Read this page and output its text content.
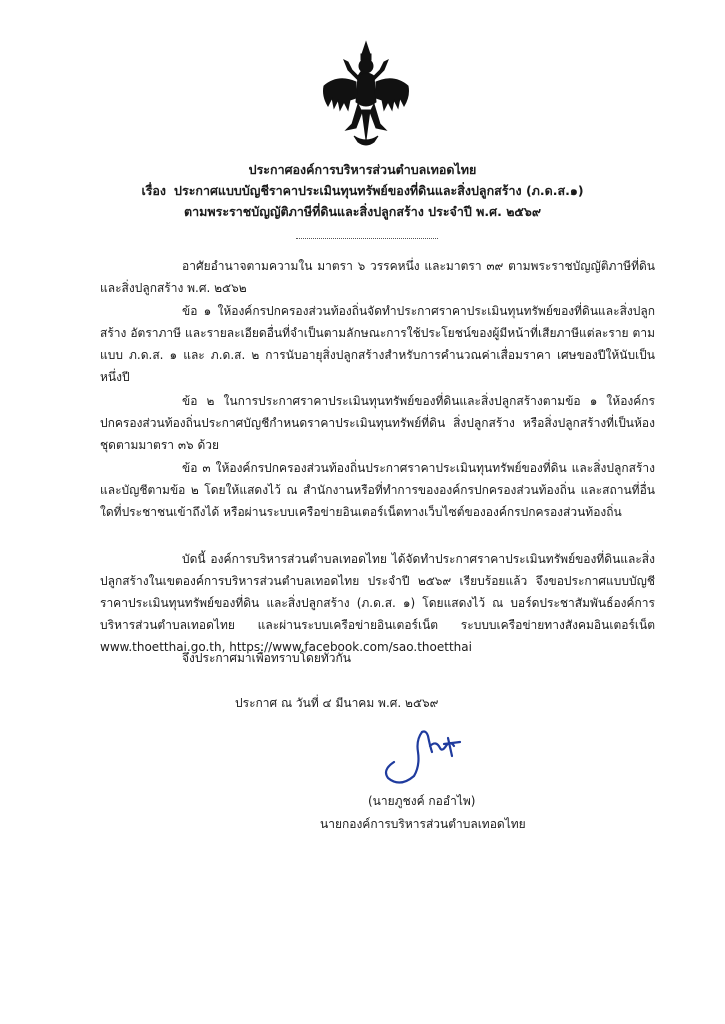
ประกาศองค์การบริหารส่วนตำบลเทอดไทย
เรื่อง ประกาศแบบบัญชีราคาประเมินทุนทรัพย์ของที่ดินและสิ่งปลูกสร้าง (ภ.ด.ส.๑)
ตามพระราชบัญญัติภาษีที่ดินและสิ่งปลูกสร้าง ประจำปี พ.ศ. ๒๕๖๙

อาศัยอำนาจตามความใน มาตรา ๖ วรรคหนึ่ง และมาตรา ๓๙ ตามพระราชบัญญัติภาษีที่ดินและสิ่งปลูกสร้าง พ.ศ. ๒๕๖๒

ข้อ ๑ ให้องค์กรปกครองส่วนท้องถิ่นจัดทำประกาศราคาประเมินทุนทรัพย์ของที่ดินและสิ่งปลูกสร้าง อัตราภาษี และรายละเอียดอื่นที่จำเป็นตามลักษณะการใช้ประโยชน์ของผู้มีหน้าที่เสียภาษีแต่ละราย ตามแบบ ภ.ด.ส. ๑ และ ภ.ด.ส. ๒ การนับอายุสิ่งปลูกสร้างสำหรับการคำนวณค่าเสื่อมราคา เศษของปีให้นับเป็นหนึ่งปี

ข้อ ๒ ในการประกาศราคาประเมินทุนทรัพย์ของที่ดินและสิ่งปลูกสร้างตามข้อ ๑ ให้องค์กรปกครองส่วนท้องถิ่นประกาศบัญชีกำหนดราคาประเมินทุนทรัพย์ที่ดิน สิ่งปลูกสร้าง หรือสิ่งปลูกสร้างที่เป็นห้องชุดตามมาตรา ๓๖ ด้วย

ข้อ ๓ ให้องค์กรปกครองส่วนท้องถิ่นประกาศราคาประเมินทุนทรัพย์ของที่ดิน และสิ่งปลูกสร้าง และบัญชีตามข้อ ๒ โดยให้แสดงไว้ ณ สำนักงานหรือที่ทำการขององค์กรปกครองส่วนท้องถิ่น และสถานที่อื่นใดที่ประชาชนเข้าถึงได้ หรือผ่านระบบเครือข่ายอินเตอร์เน็ตทางเว็บไซต์ขององค์กรปกครองส่วนท้องถิ่น

บัดนี้ องค์การบริหารส่วนตำบลเทอดไทย ได้จัดทำประกาศราคาประเมินทรัพย์ของที่ดินและสิ่งปลูกสร้างในเขตองค์การบริหารส่วนตำบลเทอดไทย ประจำปี ๒๕๖๙ เรียบร้อยแล้ว จึงขอประกาศแบบบัญชีราคาประเมินทุนทรัพย์ของที่ดิน และสิ่งปลูกสร้าง (ภ.ด.ส. ๑) โดยแสดงไว้ ณ บอร์ดประชาสัมพันธ์องค์การบริหารส่วนตำบลเทอดไทย และผ่านระบบเครือข่ายอินเตอร์เน็ต ระบบบเครือข่ายทางสังคมอินเตอร์เน็ต www.thoetthai.go.th, https://www.facebook.com/sao.thoetthai

จึงประกาศมาเพื่อทราบโดยทั่วกัน
ประกาศ ณ วันที่ ๔ มีนาคม พ.ศ. ๒๕๖๙
(นายภูชงค์ กออำไพ)
นายกองค์การบริหารส่วนตำบลเทอดไทย
